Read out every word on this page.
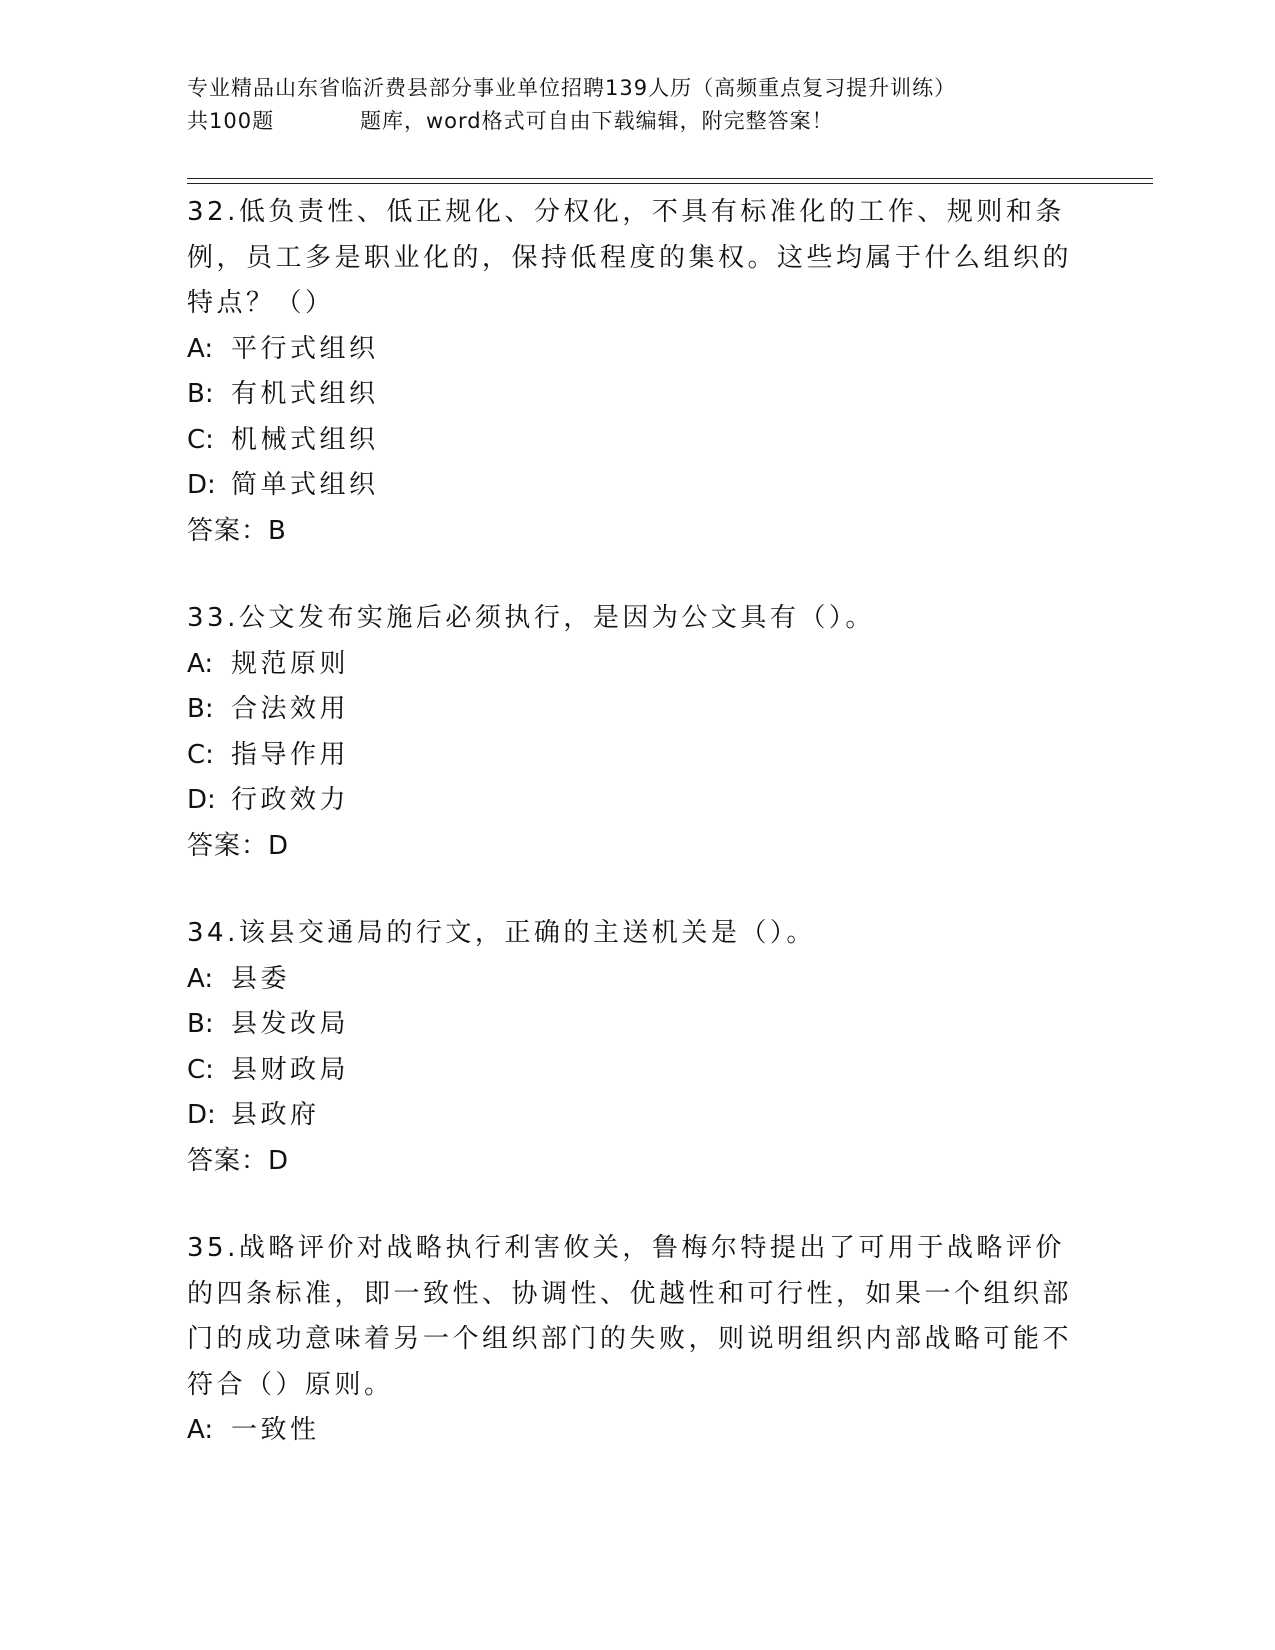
专业精品山东省临沂费县部分事业单位招聘139人历（高频重点复习提升训练）
共100题	题库，word格式可自由下载编辑，附完整答案！
32.低负责性、低正规化、分权化，不具有标准化的工作、规则和条例，员工多是职业化的，保持低程度的集权。这些均属于什么组织的特点？（）
A: 平行式组织
B: 有机式组织
C: 机械式组织
D: 简单式组织
答案：B
33.公文发布实施后必须执行，是因为公文具有（）。
A: 规范原则
B: 合法效用
C: 指导作用
D: 行政效力
答案：D
34.该县交通局的行文，正确的主送机关是（）。
A: 县委
B: 县发改局
C: 县财政局
D: 县政府
答案：D
35.战略评价对战略执行利害攸关，鲁梅尔特提出了可用于战略评价的四条标准，即一致性、协调性、优越性和可行性，如果一个组织部门的成功意味着另一个组织部门的失败，则说明组织内部战略可能不符合（）原则。
A: 一致性
